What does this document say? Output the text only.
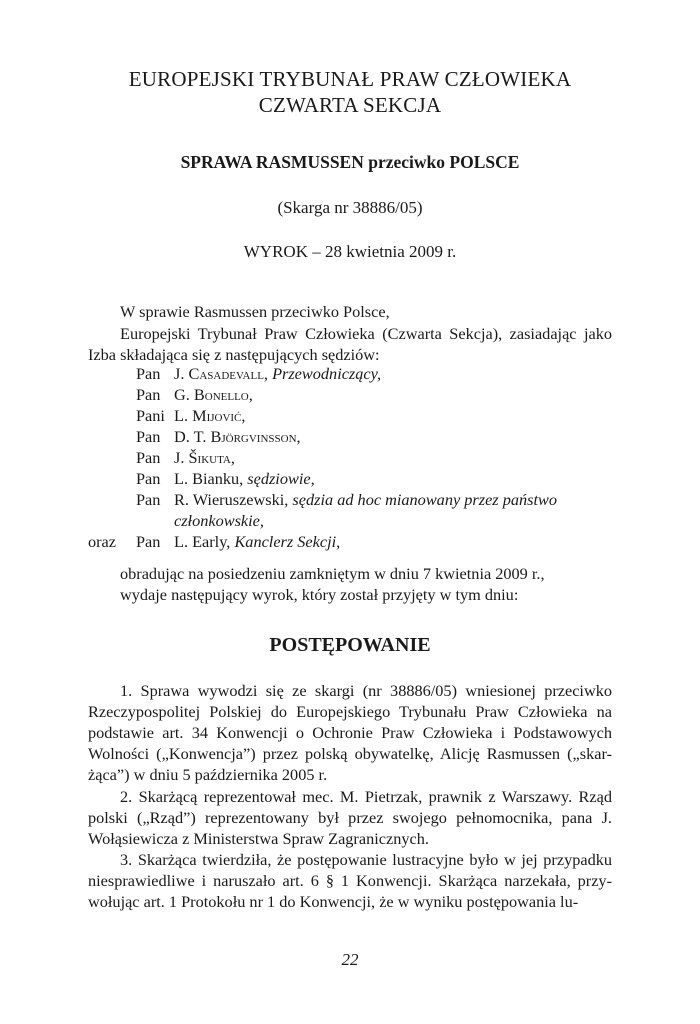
EUROPEJSKI TRYBUNAŁ PRAW CZŁOWIEKA
CZWARTA SEKCJA
SPRAWA RASMUSSEN przeciwko POLSCE
(Skarga nr 38886/05)
WYROK – 28 kwietnia 2009 r.
W sprawie Rasmussen przeciwko Polsce,
Europejski Trybunał Praw Człowieka (Czwarta Sekcja), zasiadając jako Izba składająca się z następujących sędziów:
Pan J. Casadevall, Przewodniczący,
Pan G. Bonello,
Pani L. Mijović,
Pan D. T. Björgvinsson,
Pan J. Šikuta,
Pan L. Bianku, sędziowie,
Pan R. Wieruszewski, sędzia ad hoc mianowany przez państwo
oraz Pan L. Early, Kanclerz Sekcji,
członkowskie,
obradując na posiedzeniu zamkniętym w dniu 7 kwietnia 2009 r.,
wydaje następujący wyrok, który został przyjęty w tym dniu:
POSTĘPOWANIE
1. Sprawa wywodzi się ze skargi (nr 38886/05) wniesionej przeciwko Rzeczypospolitej Polskiej do Europejskiego Trybunału Praw Człowieka na podstawie art. 34 Konwencji o Ochronie Praw Człowieka i Podstawowych Wolności („Konwencja”) przez polską obywatelkę, Alicję Rasmussen („skar-żąca”) w dniu 5 października 2005 r.
2. Skarżącą reprezentował mec. M. Pietrzak, prawnik z Warszawy. Rząd polski („Rząd”) reprezentowany był przez swojego pełnomocnika, pana J. Wołąsiewicza z Ministerstwa Spraw Zagranicznych.
3. Skarżąca twierdziła, że postępowanie lustracyjne było w jej przypadku niesprawiedliwe i naruszało art. 6 § 1 Konwencji. Skarżąca narzekała, przy-wołując art. 1 Protokołu nr 1 do Konwencji, że w wyniku postępowania lu-
22
